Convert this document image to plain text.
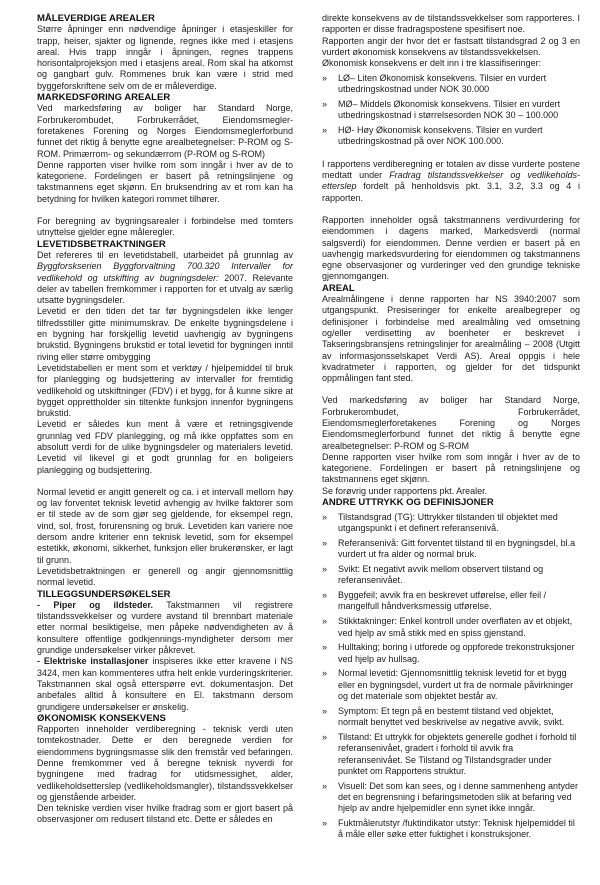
MÅLEVERDIGE AREALER

Større åpninger enn nødvendige åpninger i etasjeskiller for trapp, heiser, sjakter og lignende, regnes ikke med i etasjens areal. Hvis trapp inngår i åpningen, regnes trappens horisontalprojeksjon med i etasjens areal. Rom skal ha atkomst og gangbart gulv. Rommenes bruk kan være i strid med byggeforskriftene selv om de er måleverdige.

MARKEDSFØRING AREALER

Ved markedsføring av boliger har Standard Norge, Forbrukerombudet, Forbrukerrådet, Eiendomsmegler-foretakenes Forening og Norges Eiendomsmeglerforbund funnet det riktig å benytte egne arealbetegnelser: P-ROM og S-ROM. Primærrom- og sekundærrom (P-ROM og S-ROM)

Denne rapporten viser hvilke rom som inngår i hver av de to kategoriene. Fordelingen er basert på retningslinjene og takstmannens eget skjønn. En bruksendring av et rom kan ha betydning for hvilken kategori rommet tilhører.

For beregning av bygningsarealer i forbindelse med tomters utnyttelse gjelder egne måleregler.

LEVETIDSBETRAKTNINGER

Det refereres til en levetidstabell, utarbeidet på grunnlag av Byggforskserien Byggforvaltning 700.320 Intervaller for vedlikehold og utskifting av bugningsdeler: 2007. Relevante deler av tabellen fremkommer i rapporten for et utvalg av særlig utsatte bygningsdeler.

Levetid er den tiden det tar før bygningsdelen ikke lenger tilfredsstiller gitte minimumskrav. De enkelte bygningsdelene i en bygning har forskjellig levetid uavhengig av bygningens brukstid. Bygningens brukstid er total levetid for bygningen inntil riving eller større ombygging

Levetidstabellen er ment som et verktøy / hjelpemiddel til bruk for planlegging og budsjettering av intervaller for fremtidig vedlikehold og utskiftninger (FDV) i et bygg, for å kunne sikre at bygget opprettholder sin tiltenkte funksjon innenfor bygningens brukstid.

Levetid er således kun ment å være et retningsgivende grunnlag ved FDV planlegging, og må ikke oppfattes som en absolutt verdi for de ulike bygningsdeler og materialers levetid. Levetid vil likevel gi et godt grunnlag for en boligeiers planlegging og budsjettering.

Normal levetid er angitt generelt og ca. i et intervall mellom høy og lav forventet teknisk levetid avhengig av hvilke faktorer som er til stede av de som gjør seg gjeldende, for eksempel regn, vind, sol, frost, forurensning og bruk. Levetiden kan variere noe dersom andre kriterier enn teknisk levetid, som for eksempel estetikk, økonomi, sikkerhet, funksjon eller brukerønsker, er lagt til grunn.

Levetidsbetraktningen er generell og angir gjennomsnittlig normal levetid.

TILLEGGSUNDERSØKELSER

- Piper og ildsteder. Takstmannen vil registrere tilstandssvekkelser og vurdere avstand til brennbart materiale etter normal besiktigelse, men påpeke nødvendigheten av å konsultere offentlige godkjennings-myndigheter dersom mer grundige undersøkelser virker påkrevet.

- Elektriske installasjoner inspiseres ikke etter kravene i NS 3424, men kan kommenteres utfra helt enkle vurderingskriterier. Takstmannen skal også etterspørre evt. dokumentasjon. Det anbefales alltid å konsultere en El. takstmann dersom grundigere undersøkelser er ønskelig.

ØKONOMISK KONSEKVENS

Rapporten inneholder verdiberegning - teknisk verdi uten tomtekostnader. Dette er den beregnede verdien for eiendommens bygningsmasse slik den fremstår ved befaringen. Denne fremkommer ved å beregne teknisk nyverdi for bygningene med fradrag for utidsmessighet, alder, vedlikeholdsetterslep (vedlikeholdsmangler), tilstandssvekkelser og gjenstående arbeider.

Den tekniske verdien viser hvilke fradrag som er gjort basert på observasjoner om redusert tilstand etc. Dette er således en

direkte konsekvens av de tilstandssvekkelser som rapporteres. I rapporten er disse fradragspostene spesifisert noe.

Rapporten angir der hvor det er fastsatt tilstandsgrad 2 og 3 en vurdert økonomisk konsekvens av tilstandssvekkelsen.

Økonomisk konsekvens er delt inn i tre klassifiseringer:

»	LØ– Liten Økonomisk konsekvens. Tilsier en vurdert utbedringskostnad under NOK 30.000
»	MØ– Middels Økonomisk konsekvens. Tilsier en vurdert utbedringskostnad i størrelsesorden NOK 30 – 100.000
»	HØ- Høy Økonomisk konsekvens. Tilsier en vurdert utbedringskostnad på over NOK 100.000.

I rapportens verdiberegning er totalen av disse vurderte postene medtatt under Fradrag tilstandssvekkelser og vedlikeholds-etterslep fordelt på henholdsvis pkt. 3.1, 3.2, 3.3 og 4 i rapporten.

Rapporten inneholder også takstmannens verdivurdering for eiendommen i dagens marked, Markedsverdi (normal salgsverdi) for eiendommen. Denne verdien er basert på en uavhengig markedsvurdering for eiendommen og takstmannens egne observasjoner og vurderinger ved den grundige tekniske gjennomgangen.

AREAL

Arealmålingene i denne rapporten har NS 3940:2007 som utgangspunkt. Presiseringer for enkelte arealbegreper og definisjoner i forbindelse med arealmåling ved omsetning og/eller verdisetting av boenheter er beskrevet i Takseringsbransjens retningslinjer for arealmåling – 2008 (Utgitt av informasjonsselskapet Verdi AS). Areal oppgis i hele kvadratmeter i rapporten, og gjelder for det tidspunkt oppmålingen fant sted.

Ved markedsføring av boliger har Standard Norge, Forbrukerombudet, Forbrukerrådet, Eiendomsmeglerforetakenes Forening og Norges Eiendomsmeglerforbund funnet det riktig å benytte egne arealbetegnelser: P-ROM og S-ROM

Denne rapporten viser hvilke rom som inngår i hver av de to kategoriene. Fordelingen er basert på retningslinjene og takstmannens eget skjønn.

Se forøvrig under rapportens pkt. Arealer.

ANDRE UTTRYKK OG DEFINISJONER
»	Tilstandsgrad (TG): Uttrykker tilstanden til objektet med utgangspunkt i et definert referansenivå.
»	Referansenivå: Gitt forventet tilstand til en bygningsdel, bl.a vurdert ut fra alder og normal bruk.
»	Svikt: Et negativt avvik mellom observert tilstand og referansenivået.
»	Byggefeil; avvik fra en beskrevet utførelse, eller feil / mangelfull håndverksmessig utførelse.
»	Stikktakninger: Enkel kontroll under overflaten av et objekt, ved hjelp av små stikk med en spiss gjenstand.
»	Hulltaking; boring i utforede og oppforede trekonstruksjoner ved hjelp av hullsag.
»	Normal levetid: Gjennomsnittlig teknisk levetid for et bygg eller en bygningsdel, vurdert ut fra de normale påvirkninger og det materiale som objektet består av.
»	Symptom: Et tegn på en bestemt tilstand ved objektet, normalt benyttet ved beskrivelse av negative avvik, svikt.
»	Tilstand: Et uttrykk for objektets generelle godhet i forhold til referansenivået, gradert i forhold til avvik fra referansenivået. Se Tilstand og Tilstandsgrader under punktet om Rapportens struktur.
»	Visuell: Det som kan sees, og i denne sammenheng antyder det en begrensning i befaringsmetoden slik at befaring ved hjelp av andre hjelpemidler enn synet ikke inngår.
»	Fuktmålerutstyr /fuktindikator utstyr: Teknisk hjelpemiddel til å måle eller søke etter fuktighet i konstruksjoner.
